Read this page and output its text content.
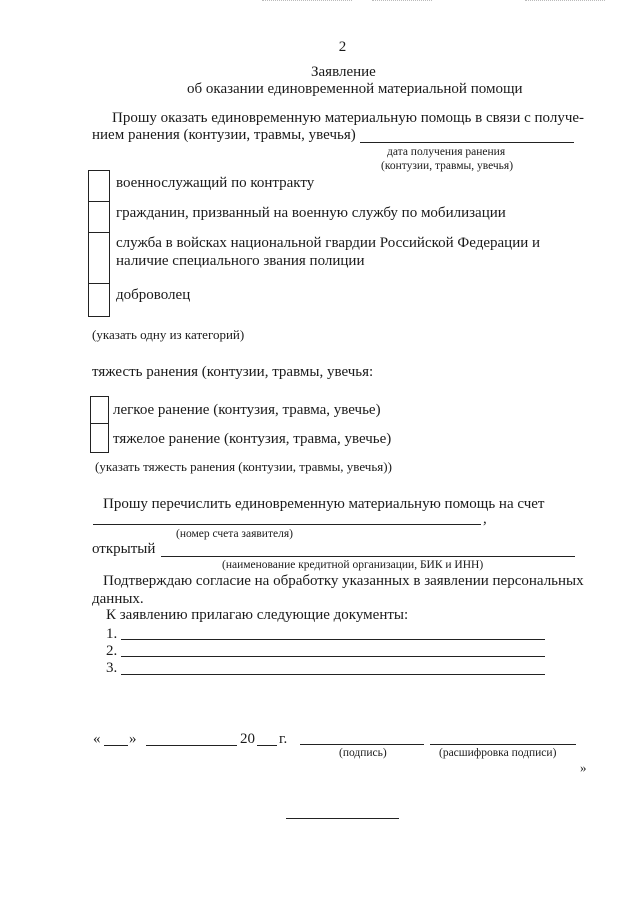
2
Заявление
об оказании единовременной материальной помощи
Прошу оказать единовременную материальную помощь в связи с получе-
нием ранения (контузии, травмы, увечья)
дата получения ранения
(контузии, травмы, увечья)
военнослужащий по контракту
гражданин, призванный на военную службу по мобилизации
служба в войсках национальной гвардии Российской Федерации и
наличие специального звания полиции
доброволец
(указать одну из категорий)
тяжесть ранения (контузии, травмы, увечья:
легкое ранение (контузия, травма, увечье)
тяжелое ранение (контузия, травма, увечье)
(указать тяжесть ранения (контузии, травмы, увечья))
Прошу перечислить единовременную материальную помощь на счет
,
(номер счета заявителя)
открытый
(наименование кредитной организации, БИК и ИНН)
Подтверждаю согласие на обработку указанных в заявлении персональных
данных.
К заявлению прилагаю следующие документы:
1.
2.
3.
« »	20 г.
(подпись)	(расшифровка подписи)
»
